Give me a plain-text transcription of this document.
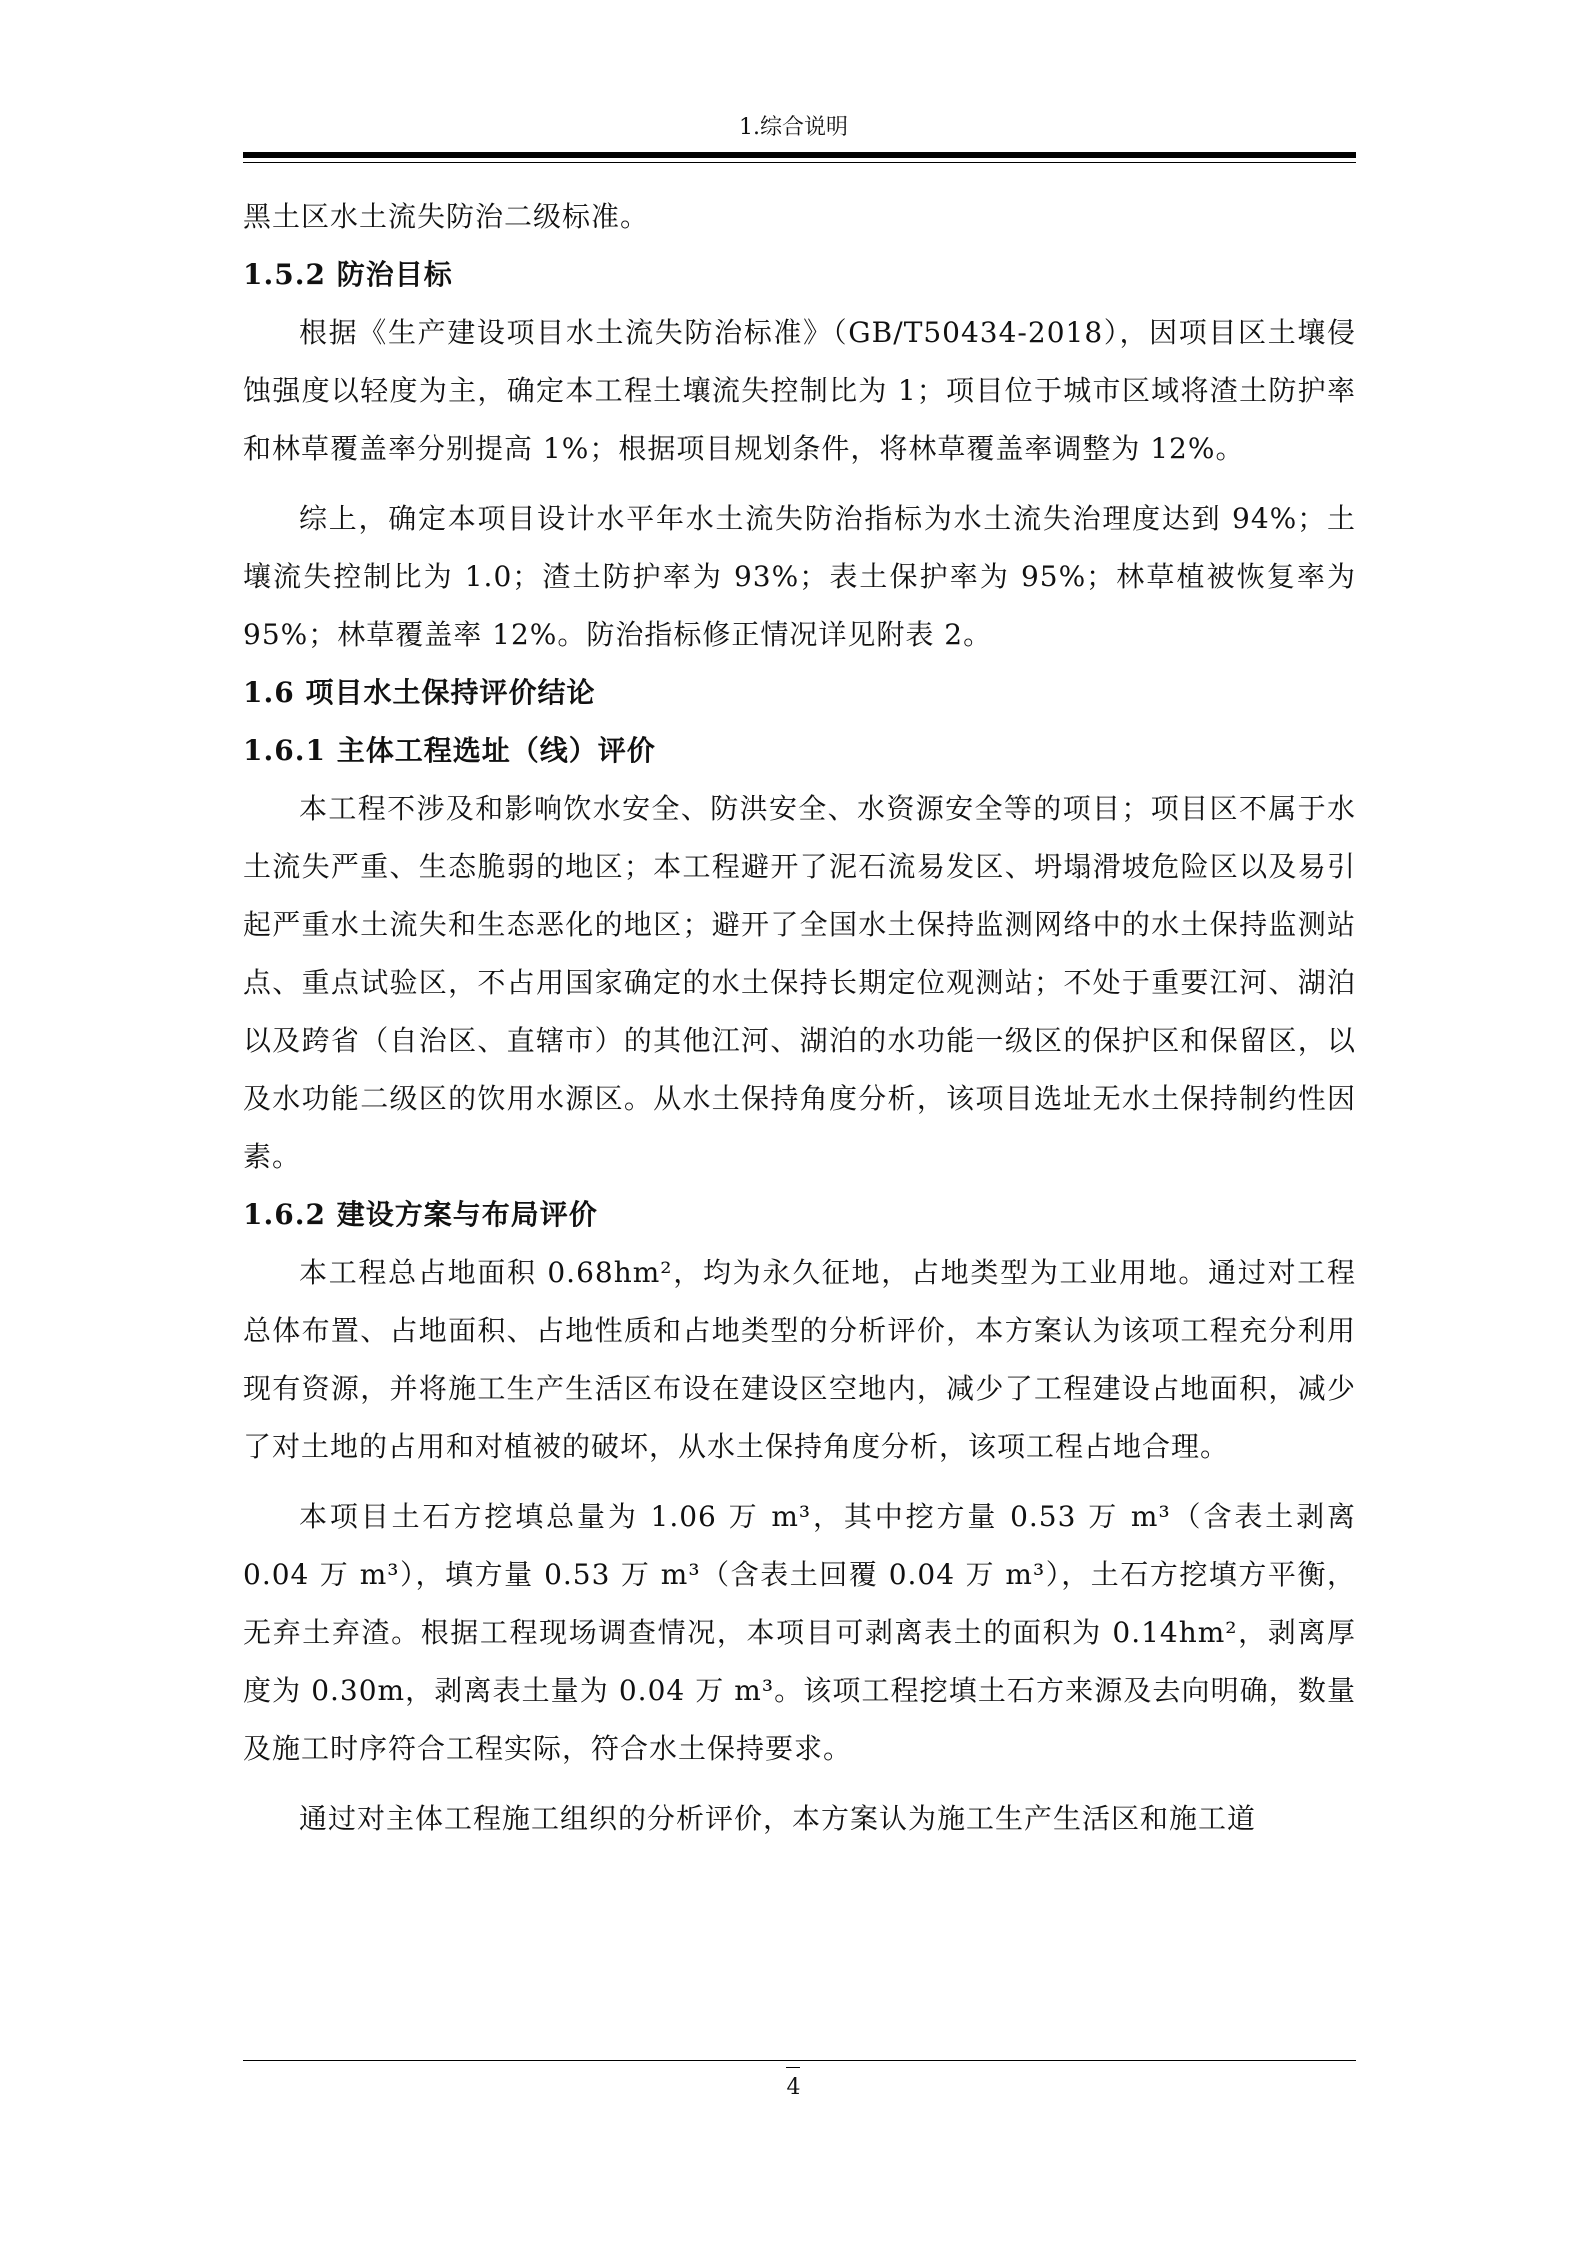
1.综合说明

黑土区水土流失防治二级标准。

1.5.2 防治目标

根据《生产建设项目水土流失防治标准》（GB/T50434-2018），因项目区土壤侵蚀强度以轻度为主，确定本工程土壤流失控制比为 1；项目位于城市区域将渣土防护率和林草覆盖率分别提高 1%；根据项目规划条件，将林草覆盖率调整为 12%。

综上，确定本项目设计水平年水土流失防治指标为水土流失治理度达到 94%；土壤流失控制比为 1.0；渣土防护率为 93%；表土保护率为 95%；林草植被恢复率为 95%；林草覆盖率 12%。防治指标修正情况详见附表 2。

1.6 项目水土保持评价结论

1.6.1 主体工程选址（线）评价

本工程不涉及和影响饮水安全、防洪安全、水资源安全等的项目；项目区不属于水土流失严重、生态脆弱的地区；本工程避开了泥石流易发区、坍塌滑坡危险区以及易引起严重水土流失和生态恶化的地区；避开了全国水土保持监测网络中的水土保持监测站点、重点试验区，不占用国家确定的水土保持长期定位观测站；不处于重要江河、湖泊以及跨省（自治区、直辖市）的其他江河、湖泊的水功能一级区的保护区和保留区，以及水功能二级区的饮用水源区。从水土保持角度分析，该项目选址无水土保持制约性因素。

1.6.2 建设方案与布局评价

本工程总占地面积 0.68hm²，均为永久征地，占地类型为工业用地。通过对工程总体布置、占地面积、占地性质和占地类型的分析评价，本方案认为该项工程充分利用现有资源，并将施工生产生活区布设在建设区空地内，减少了工程建设占地面积，减少了对土地的占用和对植被的破坏，从水土保持角度分析，该项工程占地合理。

本项目土石方挖填总量为 1.06 万 m³，其中挖方量 0.53 万 m³（含表土剥离 0.04 万 m³），填方量 0.53 万 m³（含表土回覆 0.04 万 m³），土石方挖填方平衡，无弃土弃渣。根据工程现场调查情况，本项目可剥离表土的面积为 0.14hm²，剥离厚度为 0.30m，剥离表土量为 0.04 万 m³。该项工程挖填土石方来源及去向明确，数量及施工时序符合工程实际，符合水土保持要求。

通过对主体工程施工组织的分析评价，本方案认为施工生产生活区和施工道

4
